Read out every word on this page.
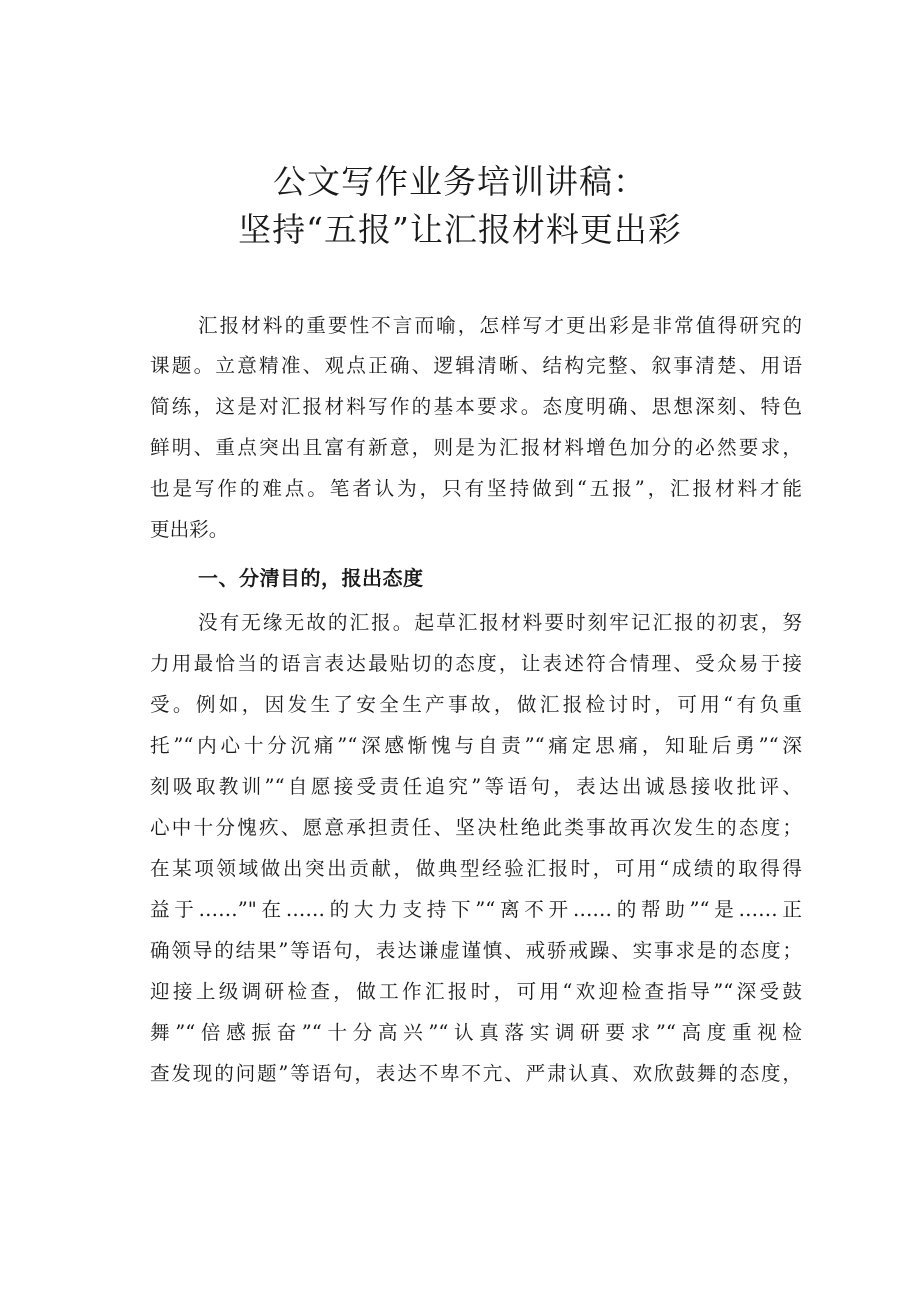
公文写作业务培训讲稿：
坚持“五报”让汇报材料更出彩
汇报材料的重要性不言而喻，怎样写才更出彩是非常值得研究的
课题。立意精准、观点正确、逻辑清晰、结构完整、叙事清楚、用语
简练，这是对汇报材料写作的基本要求。态度明确、思想深刻、特色
鲜明、重点突出且富有新意，则是为汇报材料增色加分的必然要求，
也是写作的难点。笔者认为，只有坚持做到“五报”，汇报材料才能
更出彩。
一、分清目的，报出态度
没有无缘无故的汇报。起草汇报材料要时刻牢记汇报的初衷，努
力用最恰当的语言表达最贴切的态度，让表述符合情理、受众易于接
受。例如，因发生了安全生产事故，做汇报检讨时，可用“有负重
托”“内心十分沉痛”“深感惭愧与自责”“痛定思痛，知耻后勇”“深
刻吸取教训”“自愿接受责任追究”等语句，表达出诚恳接收批评、
心中十分愧疚、愿意承担责任、坚决杜绝此类事故再次发生的态度；
在某项领域做出突出贡献，做典型经验汇报时，可用“成绩的取得得
益于……”"在……的大力支持下”“离不开……的帮助”“是……正
确领导的结果”等语句，表达谦虚谨慎、戒骄戒躁、实事求是的态度；
迎接上级调研检查，做工作汇报时，可用“欢迎检查指导”“深受鼓
舞”“倍感振奋”“十分高兴”“认真落实调研要求”“高度重视检
查发现的问题”等语句，表达不卑不亢、严肃认真、欢欣鼓舞的态度，
